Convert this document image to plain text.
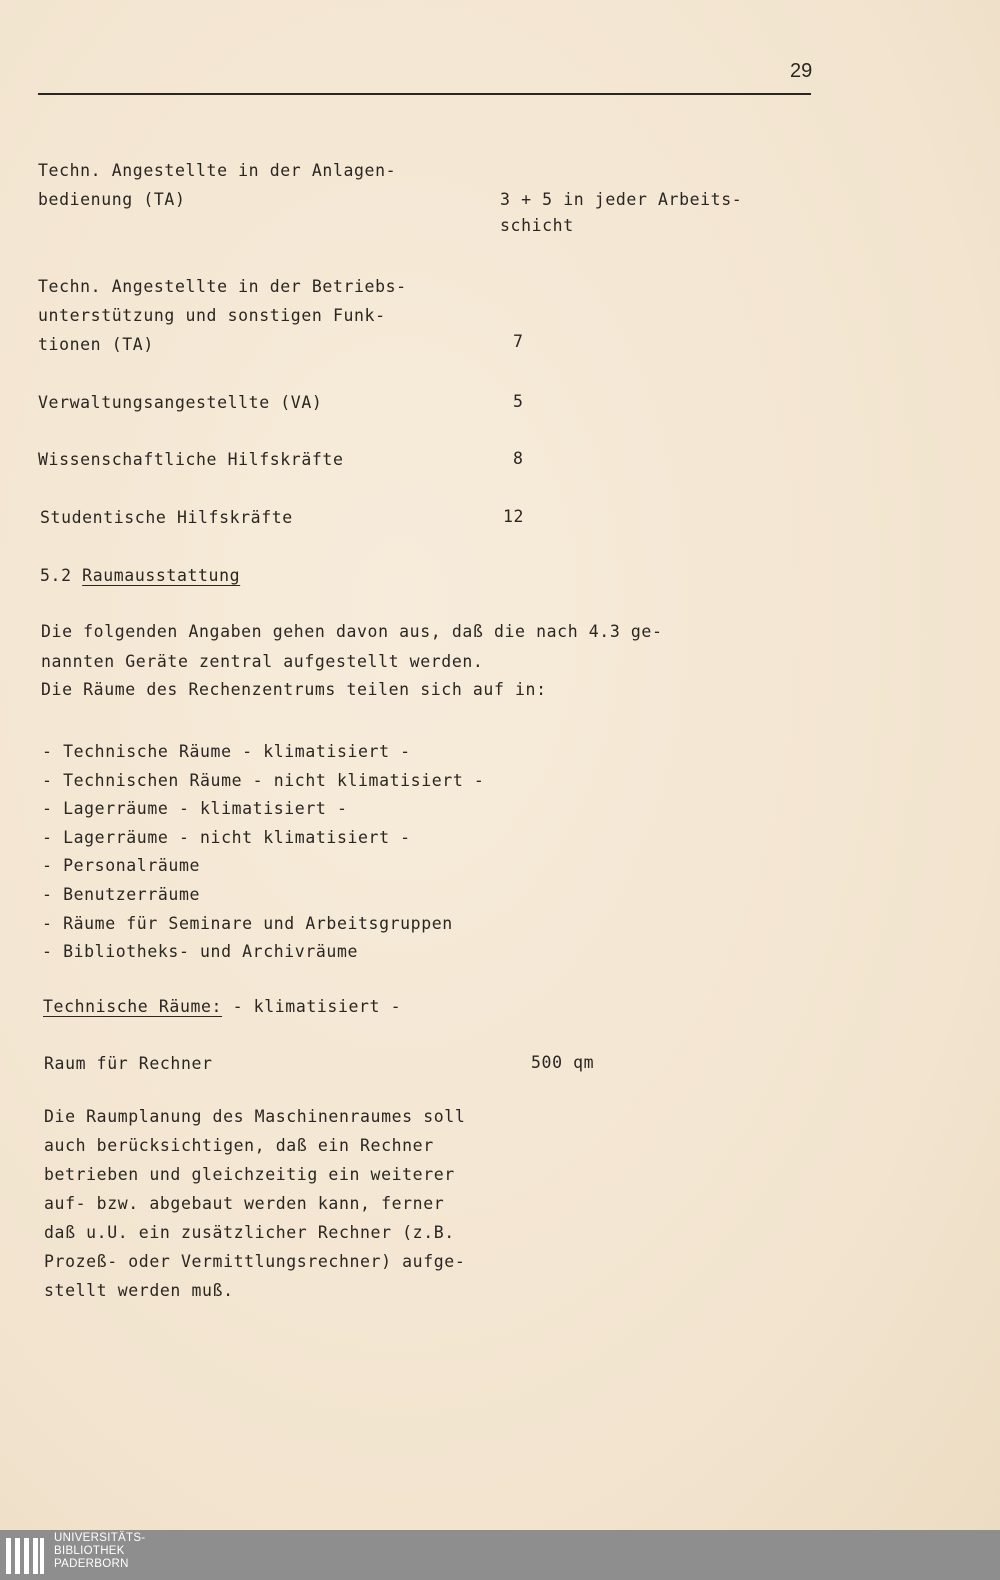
29
Techn. Angestellte in der Anlagen-
bedienung (TA)	3 + 5 in jeder Arbeits-
schicht
Techn. Angestellte in der Betriebs-
unterstützung und sonstigen Funk-
tionen (TA)	7
Verwaltungsangestellte (VA)	5
Wissenschaftliche Hilfskräfte	8
Studentische Hilfskräfte	12
5.2 Raumausstattung
Die folgenden Angaben gehen davon aus, daß die nach 4.3 ge-
nannten Geräte zentral aufgestellt werden.
Die Räume des Rechenzentrums teilen sich auf in:
- Technische Räume - klimatisiert -
- Technischen Räume - nicht klimatisiert -
- Lagerräume - klimatisiert -
- Lagerräume - nicht klimatisiert -
- Personalräume
- Benutzerräume
- Räume für Seminare und Arbeitsgruppen
- Bibliotheks- und Archivräume
Technische Räume: - klimatisiert -
Raum für Rechner	500 qm
Die Raumplanung des Maschinenraumes soll
auch berücksichtigen, daß ein Rechner
betrieben und gleichzeitig ein weiterer
auf- bzw. abgebaut werden kann, ferner
daß u.U. ein zusätzlicher Rechner (z.B.
Prozeß- oder Vermittlungsrechner) aufge-
stellt werden muß.
UNIVERSITÄTS-
BIBLIOTHEK
PADERBORN
